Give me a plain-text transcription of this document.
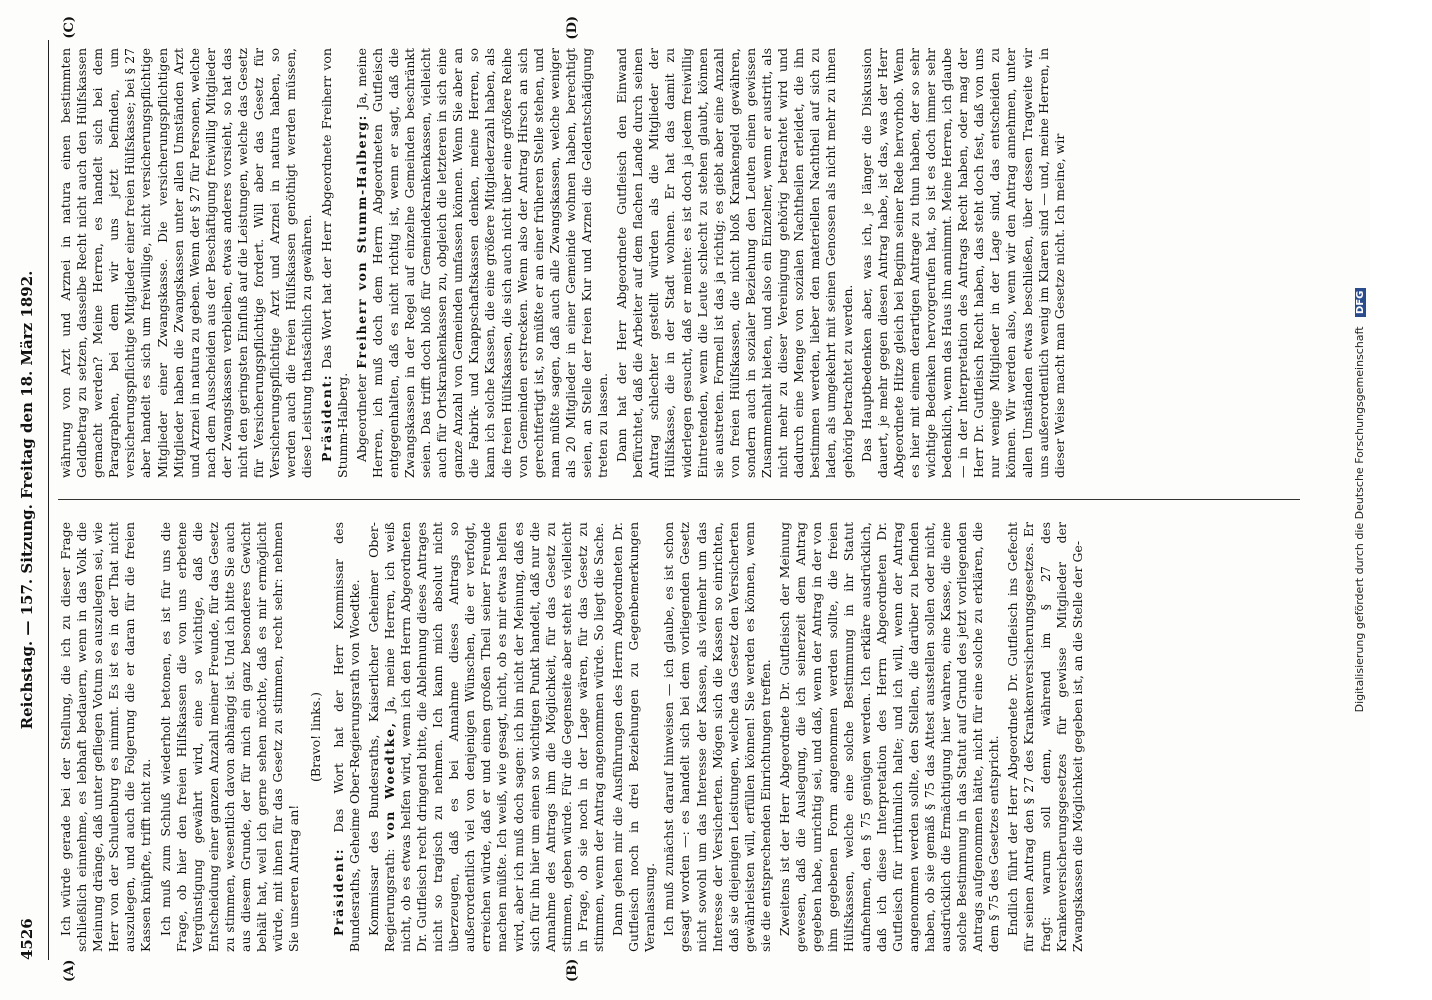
4526
Reichstag. — 157. Sitzung. Freitag den 18. März 1892.
(A)	(B)
(C)	(D)

Ich würde gerade bei der Stellung, die ich zu dieser Frage schließlich einnehme, es lebhaft bedauern, wenn in das Volk die Meinung dränge, daß unter gefliegen Votum so auszulegen sei, wie Herr von der Schulenburg es nimmt. Es ist es in der That nicht auszulegen, und auch die Folgerung die er daran für die freien Kassen knüpfte, trifft nicht zu. Ich muß zum Schluß wiederholt betonen, es ist für uns die Frage, ob hier den freien Hilfskassen die von uns erbetene Vergünstigung gewährt wird, eine so wichtige, daß die Entscheidung einer ganzen Anzahl meiner Freunde, für das Gesetz zu stimmen, wesentlich davon abhängig ist. Und ich bitte Sie auch aus diesem Grunde, der für mich ein ganz besonderes Gewicht behält hat, weil ich gerne sehen möchte, daß es mir ermöglicht würde, mit ihnen für das Gesetz zu stimmen, recht sehr: nehmen Sie unseren Antrag an!

(Bravo! links.)

Präsident: Das Wort hat der Herr Kommissar des Bundesraths, Geheime Ober-Regierungsrath von Woedtke. Kommissar des Bundesraths, Kaiserlicher Geheimer Ober-Regierungsrath: von Woedtke, Ja, meine Herren, ich weiß nicht, ob es etwas helfen wird, wenn ich den Herrn Abgeordneten Dr. Gutfleisch recht dringend bitte, die Ablehnung dieses Antrages nicht so tragisch zu nehmen. Ich kann mich absolut nicht überzeugen, daß es bei Annahme dieses Antrags so außerordentlich viel von denjenigen Wünschen, die er verfolgt, erreichen würde, daß er und einen großen Theil seiner Freunde machen müßte. Ich weiß, wie gesagt, nicht, ob es mir etwas helfen wird, aber ich muß doch sagen: ich bin nicht der Meinung, daß es sich für ihn hier um einen so wichtigen Punkt handelt, daß nur die Annahme des Antrags ihm die Möglichkeit, für das Gesetz zu stimmen, geben würde. Für die Gegenseite aber steht es vielleicht in Frage, ob sie noch in der Lage wären, für das Gesetz zu stimmen, wenn der Antrag angenommen würde. So liegt die Sache. Dann gehen mir die Ausführungen des Herrn Abgeordneten Dr. Gutfleisch noch in drei Beziehungen zu Gegenbemerkungen Veranlassung. Ich muß zunächst darauf hinweisen — ich glaube, es ist schon gesagt worden —: es handelt sich bei dem vorliegenden Gesetz nicht sowohl um das Interesse der Kassen, als vielmehr um das Interesse der Versicherten. Mögen sich die Kassen so einrichten, daß sie diejenigen Leistungen, welche das Gesetz den Versicherten gewährleisten will, erfüllen können! Sie werden es können, wenn sie die entsprechenden Einrichtungen treffen. Zweitens ist der Herr Abgeordnete Dr. Gutfleisch der Meinung gewesen, daß die Auslegung, die ich seinerzeit dem Antrag gegeben habe, unrichtig sei, und daß, wenn der Antrag in der von ihm gegebenen Form angenommen werden sollte, die freien Hülfskassen, welche eine solche Bestimmung in ihr Statut aufnehmen, den § 75 genügen werden. Ich erkläre ausdrücklich, daß ich diese Interpretation des Herrn Abgeordneten Dr. Gutfleisch für irrthümlich halte; und ich will, wenn der Antrag angenommen werden sollte, den Stellen, die darüber zu befinden haben, ob sie gemäß § 75 das Attest ausstellen sollen oder nicht, ausdrücklich die Ermächtigung hier wahren, eine Kasse, die eine solche Bestimmung in das Statut auf Grund des jetzt vorliegenden Antrags aufgenommen hätte, nicht für eine solche zu erklären, die dem § 75 des Gesetzes entspricht. Endlich führt der Herr Abgeordnete Dr. Gutfleisch ins Gefecht für seinen Antrag den § 27 des Krankenversicherungsgesetzes. Er fragt: warum soll denn, während im § 27 des Krankenversicherungsgesetzes für gewisse Mitglieder der Zwangskassen die Möglichkeit gegeben ist, an die Stelle der Ge-

währung von Arzt und Arznei in natura einen bestimmten Geldbetrag zu setzen, dasselbe Recht nicht auch den Hülfskassen gemacht werden? Meine Herren, es handelt sich bei dem Paragraphen, bei dem wir uns jetzt befinden, um versicherungspflichtige Mitglieder einer freien Hülfskasse; bei § 27 aber handelt es sich um freiwillige, nicht versicherungspflichtige Mitglieder einer Zwangskasse. Die versicherungspflichtigen Mitglieder haben die Zwangskassen unter allen Umständen Arzt und Arznei in natura zu geben. Wenn der § 27 für Personen, welche nach dem Ausscheiden aus der Beschäftigung freiwillig Mitglieder der Zwangskassen verbleiben, etwas anderes vorsieht, so hat das nicht den geringsten Einfluß auf die Leistungen, welche das Gesetz für Versicherungspflichtige fordert. Will aber das Gesetz für Versicherungspflichtige Arzt und Arznei in natura haben, so werden auch die freien Hülfskassen genöthigt werden müssen, diese Leistung thatsächlich zu gewähren. Präsident: Das Wort hat der Herr Abgeordnete Freiherr von Stumm-Halberg. Abgeordneter Freiherr von Stumm-Halberg: Ja, meine Herren, ich muß doch dem Herrn Abgeordneten Gutfleisch entgegenhalten, daß es nicht richtig ist, wenn er sagt, daß die Zwangskassen in der Regel auf einzelne Gemeinden beschränkt seien. Das trifft doch bloß für Gemeindekrankenkassen, vielleicht auch für Ortskrankenkassen zu, obgleich die letzteren in sich eine ganze Anzahl von Gemeinden umfassen können. Wenn Sie aber an die Fabrik- und Knappschaftskassen denken, meine Herren, so kann ich solche Kassen, die eine größere Mitgliederzahl haben, als die freien Hülfskassen, die sich auch nicht über eine größere Reihe von Gemeinden erstrecken. Wenn also der Antrag Hirsch an sich gerechtfertigt ist, so müßte er an einer früheren Stelle stehen, und man müßte sagen, daß auch alle Zwangskassen, welche weniger als 20 Mitglieder in einer Gemeinde wohnen haben, berechtigt seien, an Stelle der freien Kur und Arznei die Geldentschädigung treten zu lassen. Dann hat der Herr Abgeordnete Gutfleisch den Einwand befürchtet, daß die Arbeiter auf dem flachen Lande durch seinen Antrag schlechter gestellt würden als die Mitglieder der Hülfskasse, die in der Stadt wohnen. Er hat das damit zu widerlegen gesucht, daß er meinte: es ist doch ja jedem freiwillig Eintretenden, wenn die Leute schlecht zu stehen glaubt, können sie austreten. Formell ist das ja richtig; es giebt aber eine Anzahl von freien Hülfskassen, die nicht bloß Krankengeld gewähren, sondern auch in sozialer Beziehung den Leuten einen gewissen Zusammenhalt bieten, und also ein Einzelner, wenn er austritt, als nicht mehr zu dieser Vereinigung gehörig betrachtet wird und dadurch eine Menge von sozialen Nachtheilen erleidet, die ihn bestimmen werden, lieber den materiellen Nachtheil auf sich zu laden, als umgekehrt mit seinen Genossen als nicht mehr zu ihnen gehörig betrachtet zu werden. Das Hauptbedenken aber, was ich, je länger die Diskussion dauert, je mehr gegen diesen Antrag habe, ist das, was der Herr Abgeordnete Hitze gleich bei Beginn seiner Rede hervorhob. Wenn es hier mit einem derartigen Antrage zu thun haben, der so sehr wichtige Bedenken hervorgerufen hat, so ist es doch immer sehr bedenklich, wenn das Haus ihn annimmt. Meine Herren, ich glaube — in der Interpretation des Antrags Recht haben, oder mag der Herr Dr. Gutfleisch Recht haben, das steht doch fest, daß von uns nur wenige Mitglieder in der Lage sind, das entscheiden zu können. Wir werden also, wenn wir den Antrag annehmen, unter allen Umständen etwas beschließen, über dessen Tragweite wir uns außerordentlich wenig im Klaren sind — und, meine Herren, in dieser Weise macht man Gesetze nicht. Ich meine, wir

Digitalisierung gefördert durch die Deutsche Forschungsgemeinschaft DFG
